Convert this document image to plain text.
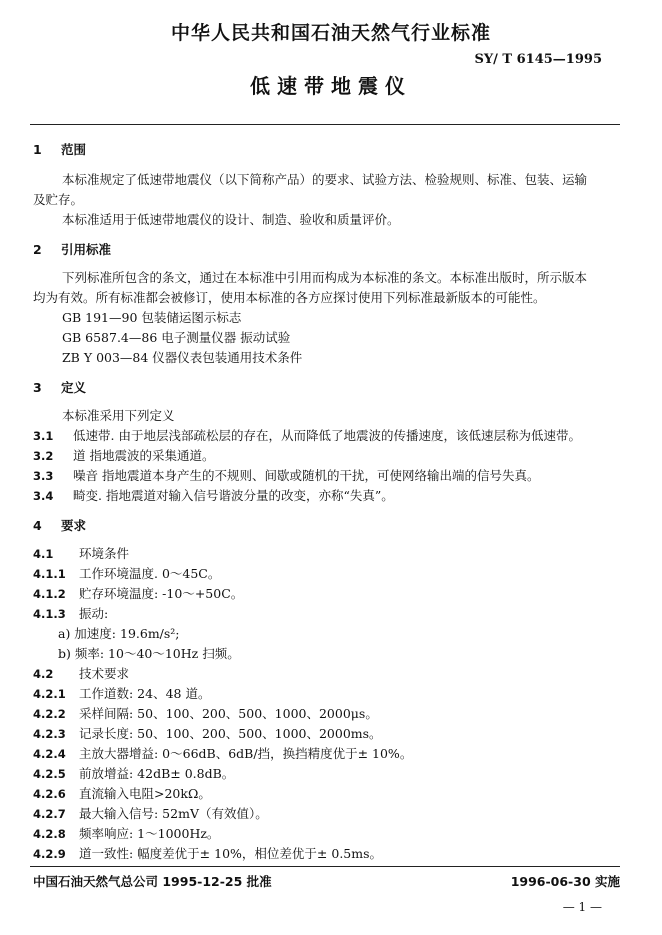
中华人民共和国石油天然气行业标准
SY/ T 6145—1995
低速带地震仪
1 范围
本标准规定了低速带地震仪（以下简称产品）的要求、试验方法、检验规则、标准、包装、运输
及贮存。
本标准适用于低速带地震仪的设计、制造、验收和质量评价。
2 引用标准
下列标准所包含的条文，通过在本标准中引用而构成为本标准的条文。本标准出版时，所示版本
均为有效。所有标准都会被修订，使用本标准的各方应探讨使用下列标准最新版本的可能性。
GB 191—90 包装储运图示标志
GB 6587.4—86 电子测量仪器 振动试验
ZB Y 003—84 仪器仪表包装通用技术条件
3 定义
本标准采用下列定义
3.1 低速带. 由于地层浅部疏松层的存在，从而降低了地震波的传播速度，该低速层称为低速带。
3.2 道 指地震波的采集通道。
3.3 噪音 指地震道本身产生的不规则、间歇或随机的干扰，可使网络输出端的信号失真。
3.4 畸变. 指地震道对输入信号谐波分量的改变，亦称“失真”。
4 要求
4.1 环境条件
4.1.1 工作环境温度. 0～45C。
4.1.2 贮存环境温度: -10～+50C。
4.1.3 振动:
a) 加速度: 19.6m/s²;
b) 频率: 10～40～10Hz 扫频。
4.2 技术要求
4.2.1 工作道数: 24、48 道。
4.2.2 采样间隔: 50、100、200、500、1000、2000μs。
4.2.3 记录长度: 50、100、200、500、1000、2000ms。
4.2.4 主放大器增益: 0～66dB、6dB/挡，换挡精度优于± 10%。
4.2.5 前放增益: 42dB± 0.8dB。
4.2.6 直流输入电阻>20kΩ。
4.2.7 最大输入信号: 52mV（有效值）。
4.2.8 频率响应: 1～1000Hz。
4.2.9 道一致性: 幅度差优于± 10%，相位差优于± 0.5ms。
中国石油天然气总公司 1995-12-25 批准	1996-06-30 实施
— 1 —
